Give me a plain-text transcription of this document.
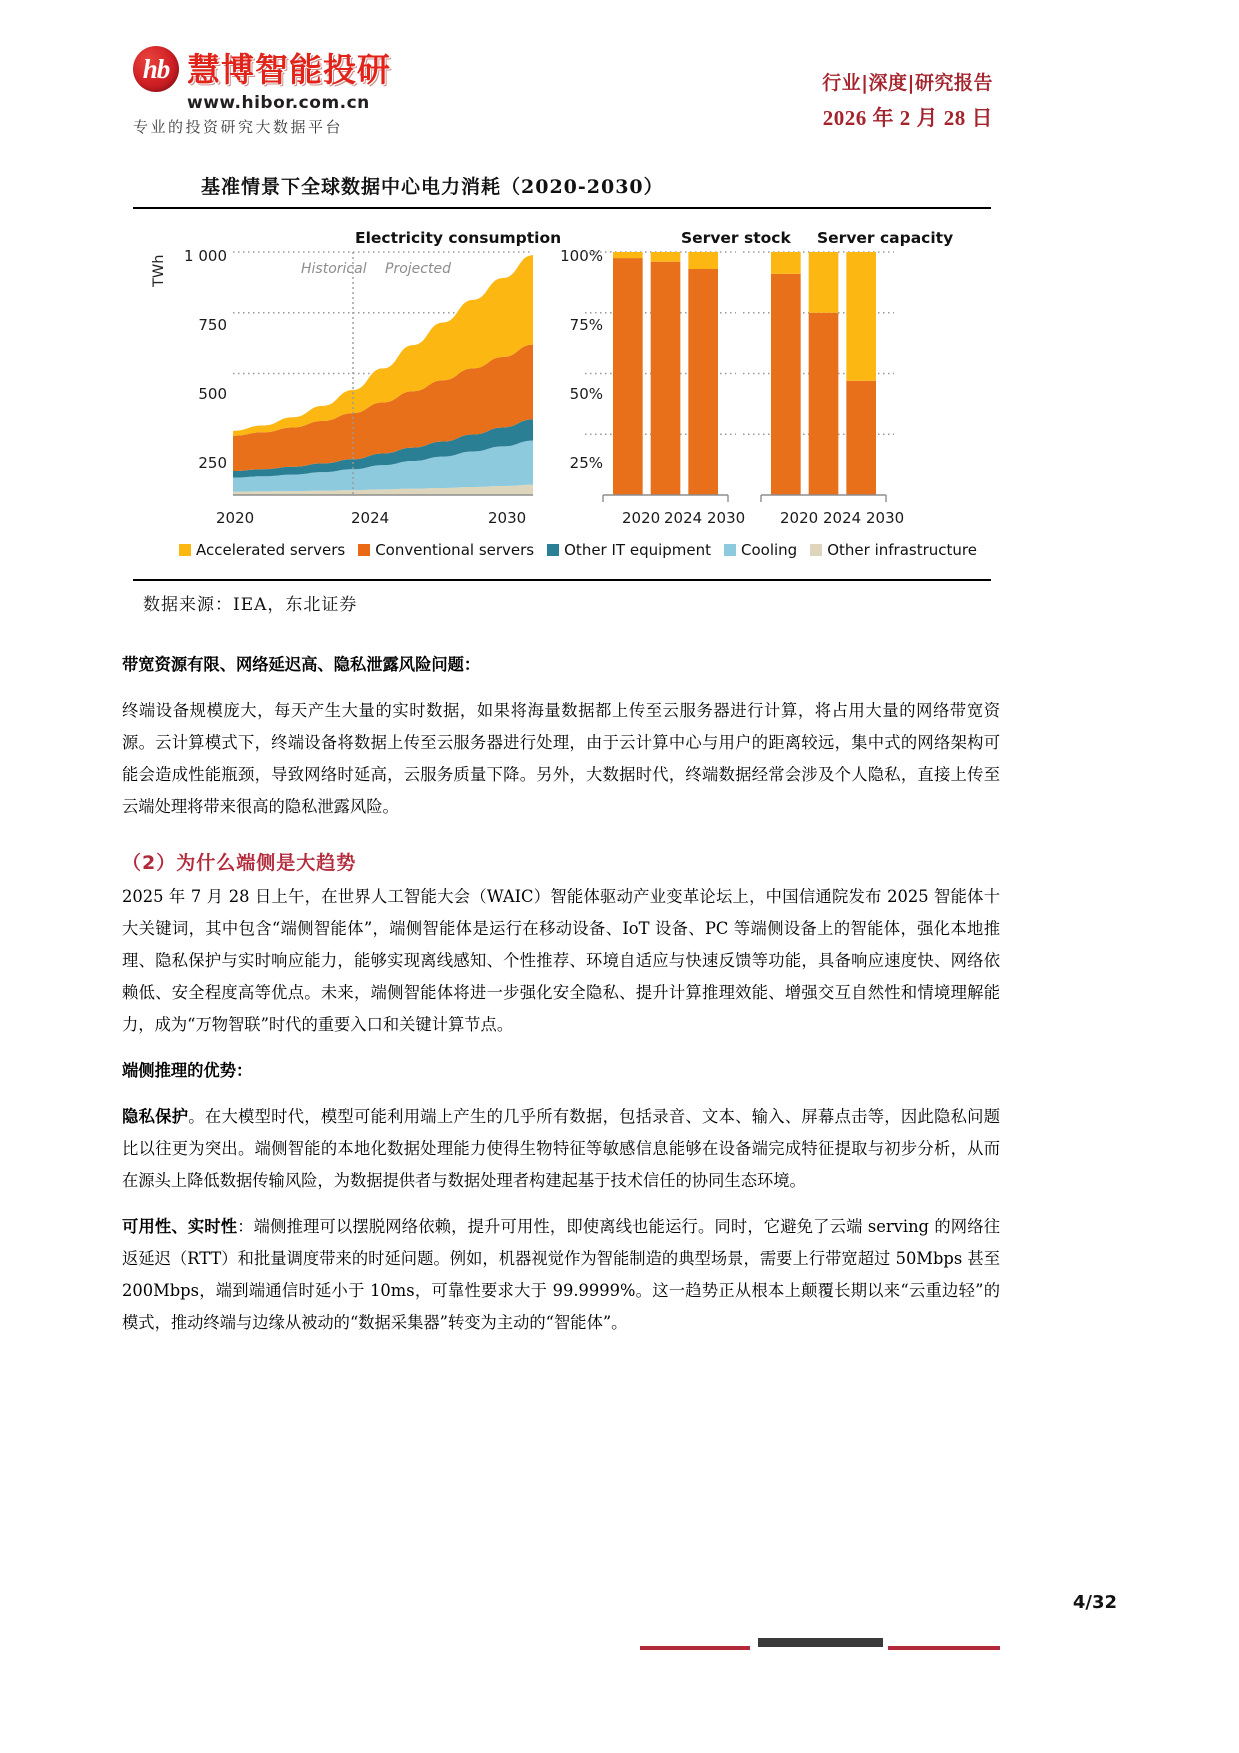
hb 慧博智能投研
www.hibor.com.cn
专业的投资研究大数据平台
行业|深度|研究报告
2026 年 2 月 28 日
基准情景下全球数据中心电力消耗（2020-2030）
Electricity consumption	Server stock Server capacity
TWh	1 000
750
500
250
100%
75%
50%
25%
Historical Projected
2020	2024	2030	2020 2024 2030 2020 2024 2030
Accelerated servers Conventional servers Other IT equipment Cooling Other infrastructure
数据来源：IEA，东北证券

带宽资源有限、网络延迟高、隐私泄露风险问题：

终端设备规模庞大，每天产生大量的实时数据，如果将海量数据都上传至云服务器进行计算，将占用大量的网络带宽资源。云计算模式下，终端设备将数据上传至云服务器进行处理，由于云计算中心与用户的距离较远，集中式的网络架构可能会造成性能瓶颈，导致网络时延高，云服务质量下降。另外，大数据时代，终端数据经常会涉及个人隐私，直接上传至云端处理将带来很高的隐私泄露风险。

（2）为什么端侧是大趋势

2025 年 7 月 28 日上午，在世界人工智能大会（WAIC）智能体驱动产业变革论坛上，中国信通院发布 2025 智能体十大关键词，其中包含“端侧智能体”，端侧智能体是运行在移动设备、IoT 设备、PC 等端侧设备上的智能体，强化本地推理、隐私保护与实时响应能力，能够实现离线感知、个性推荐、环境自适应与快速反馈等功能，具备响应速度快、网络依赖低、安全程度高等优点。未来，端侧智能体将进一步强化安全隐私、提升计算推理效能、增强交互自然性和情境理解能力，成为“万物智联”时代的重要入口和关键计算节点。

端侧推理的优势：

隐私保护。在大模型时代，模型可能利用端上产生的几乎所有数据，包括录音、文本、输入、屏幕点击等，因此隐私问题比以往更为突出。端侧智能的本地化数据处理能力使得生物特征等敏感信息能够在设备端完成特征提取与初步分析，从而在源头上降低数据传输风险，为数据提供者与数据处理者构建起基于技术信任的协同生态环境。

可用性、实时性：端侧推理可以摆脱网络依赖，提升可用性，即使离线也能运行。同时，它避免了云端 serving 的网络往返延迟（RTT）和批量调度带来的时延问题。例如，机器视觉作为智能制造的典型场景，需要上行带宽超过 50Mbps 甚至 200Mbps，端到端通信时延小于 10ms，可靠性要求大于 99.9999%。这一趋势正从根本上颠覆长期以来“云重边轻”的模式，推动终端与边缘从被动的“数据采集器”转变为主动的“智能体”。

4/32
